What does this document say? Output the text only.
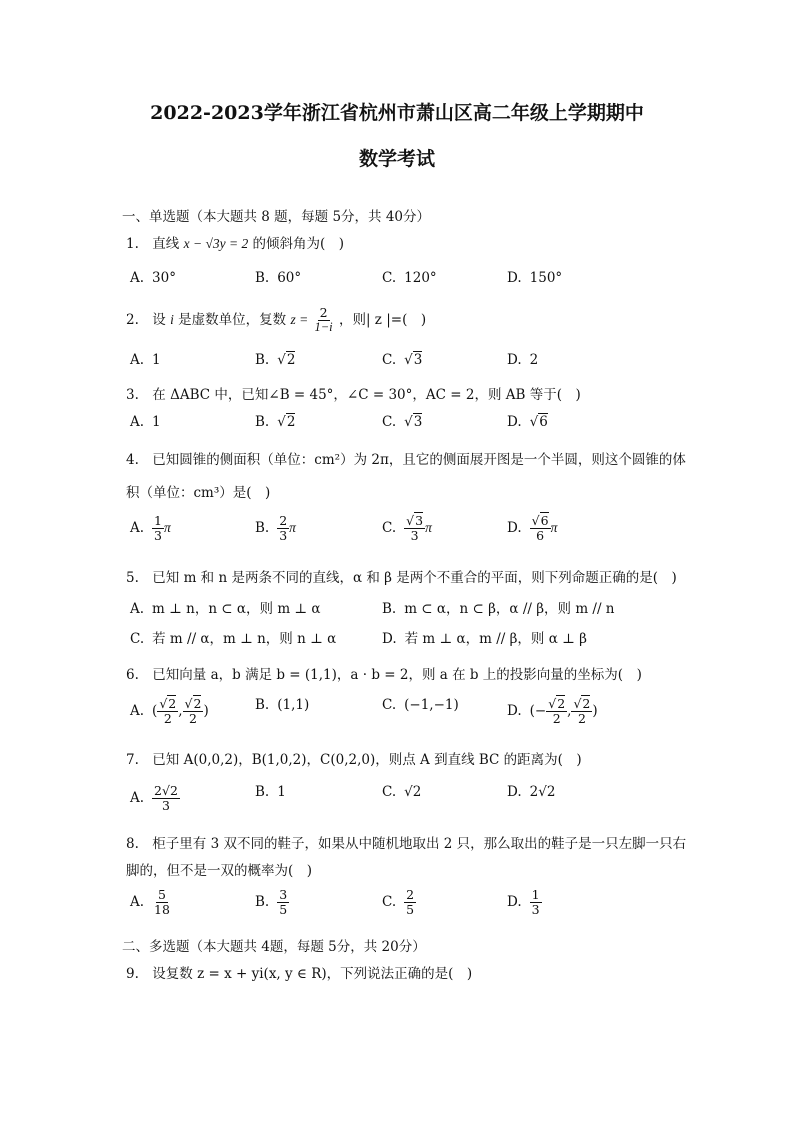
2022-2023学年浙江省杭州市萧山区高二年级上学期期中
数学考试
一、单选题（本大题共 8 题，每题 5分，共 40分）
1. 直线 x − √3y = 2 的倾斜角为(　)
A. 30°	B. 60°	C. 120°	D. 150°
2. 设 i 是虚数单位，复数 $z = \frac{2}{1-i}$ ，则| z |=(　)
A. 1	B. √2	C. √3	D. 2
3. 在 ΔABC 中，已知∠B = 45°，∠C = 30°，AC = 2，则 AB 等于(　)
A. 1	B. √2	C. √3	D. √6
4. 已知圆锥的侧面积（单位：cm²）为 2π，且它的侧面展开图是一个半圆，则这个圆锥的体
积（单位：cm³）是(　)
A. $\frac{1}{3}$ π	B. $\frac{2}{3}$ π	C. $\frac{√3}{3}$ π	D. $\frac{√6}{6}$ π
5. 已知 m 和 n 是两条不同的直线，α 和 β 是两个不重合的平面，则下列命题正确的是(　)
A. m ⊥ n，n ⊂ α，则 m ⊥ α	B. m ⊂ α，n ⊂ β，α // β，则 m // n
C. 若 m // α，m ⊥ n，则 n ⊥ α	D. 若 m ⊥ α，m // β，则 α ⊥ β
6. 已知向量 a，b 满足 b = (1,1)，a · b = 2，则 a 在 b 上的投影向量的坐标为(　)
A. ( $\frac{√2}{2}$ , $\frac{√2}{2}$ )	B. (1,1)	C. (−1,−1)	D. (− $\frac{√2}{2}$ , $\frac{√2}{2}$ )
7. 已知 A(0,0,2)，B(1,0,2)，C(0,2,0)，则点 A 到直线 BC 的距离为(　)
A. $\frac{2√2}{3}$	B. 1	C. √2	D. 2√2
8. 柜子里有 3 双不同的鞋子，如果从中随机地取出 2 只，那么取出的鞋子是一只左脚一只右
脚的，但不是一双的概率为(　)
A. $\frac{5}{18}$	B. $\frac{3}{5}$	C. $\frac{2}{5}$	D. $\frac{1}{3}$
二、多选题（本大题共 4题，每题 5分，共 20分）
9. 设复数 z = x + yi(x, y ∈ R)，下列说法正确的是(　)
